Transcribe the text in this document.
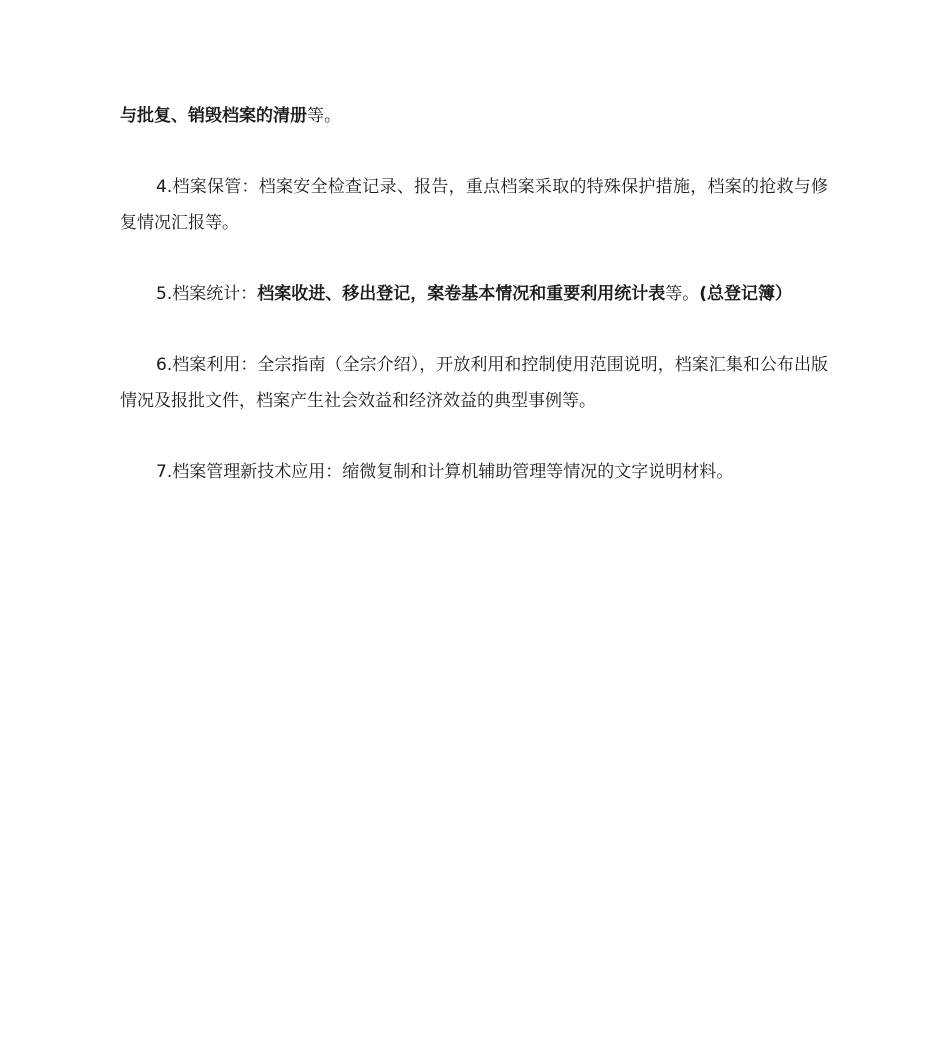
与批复、销毁档案的清册等。

4.档案保管：档案安全检查记录、报告，重点档案采取的特殊保护措施，档案的抢救与修复情况汇报等。

5.档案统计：档案收进、移出登记，案卷基本情况和重要利用统计表等。(总登记簿）

6.档案利用：全宗指南（全宗介绍），开放利用和控制使用范围说明，档案汇集和公布出版情况及报批文件，档案产生社会效益和经济效益的典型事例等。

7.档案管理新技术应用：缩微复制和计算机辅助管理等情况的文字说明材料。
